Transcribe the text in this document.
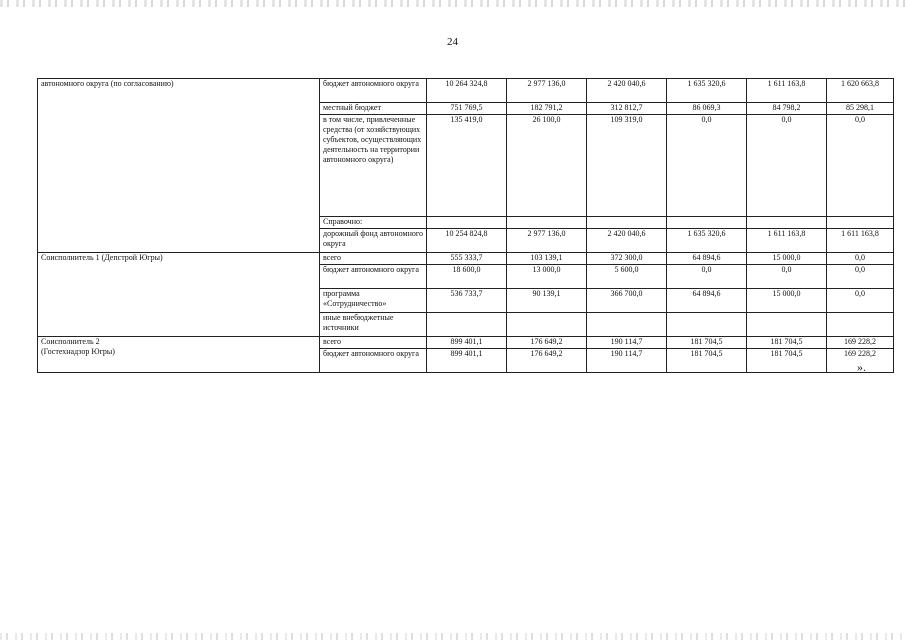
24
автономного округа (по согласованию)	бюджет автономного округа	10 264 324,8	2 977 136,0	2 420 040,6	1 635 320,6	1 611 163,8	1 620 663,8
	местный бюджет	751 769,5	182 791,2	312 812,7	86 069,3	84 798,2	85 298,1
	в том числе, привлеченные средства (от хозяйствующих субъектов, осуществляющих деятельность на территории автономного округа)	135 419,0	26 100,0	109 319,0	0,0	0,0	0,0
	Справочно:						
	дорожный фонд автономного округа	10 254 824,8	2 977 136,0	2 420 040,6	1 635 320,6	1 611 163,8	1 611 163,8
Соисполнитель 1 (Депстрой Югры)	всего	555 333,7	103 139,1	372 300,0	64 894,6	15 000,0	0,0
	бюджет автономного округа	18 600,0	13 000,0	5 600,0	0,0	0,0	0,0
	программа «Сотрудничество»	536 733,7	90 139,1	366 700,0	64 894,6	15 000,0	0,0
	иные внебюджетные источники						

Соисполнитель 2
(Гостехнадзор Югры)	всего	899 401,1	176 649,2	190 114,7	181 704,5	181 704,5	169 228,2
	бюджет автономного округа	899 401,1	176 649,2	190 114,7	181 704,5	181 704,5	169 228,2
».
